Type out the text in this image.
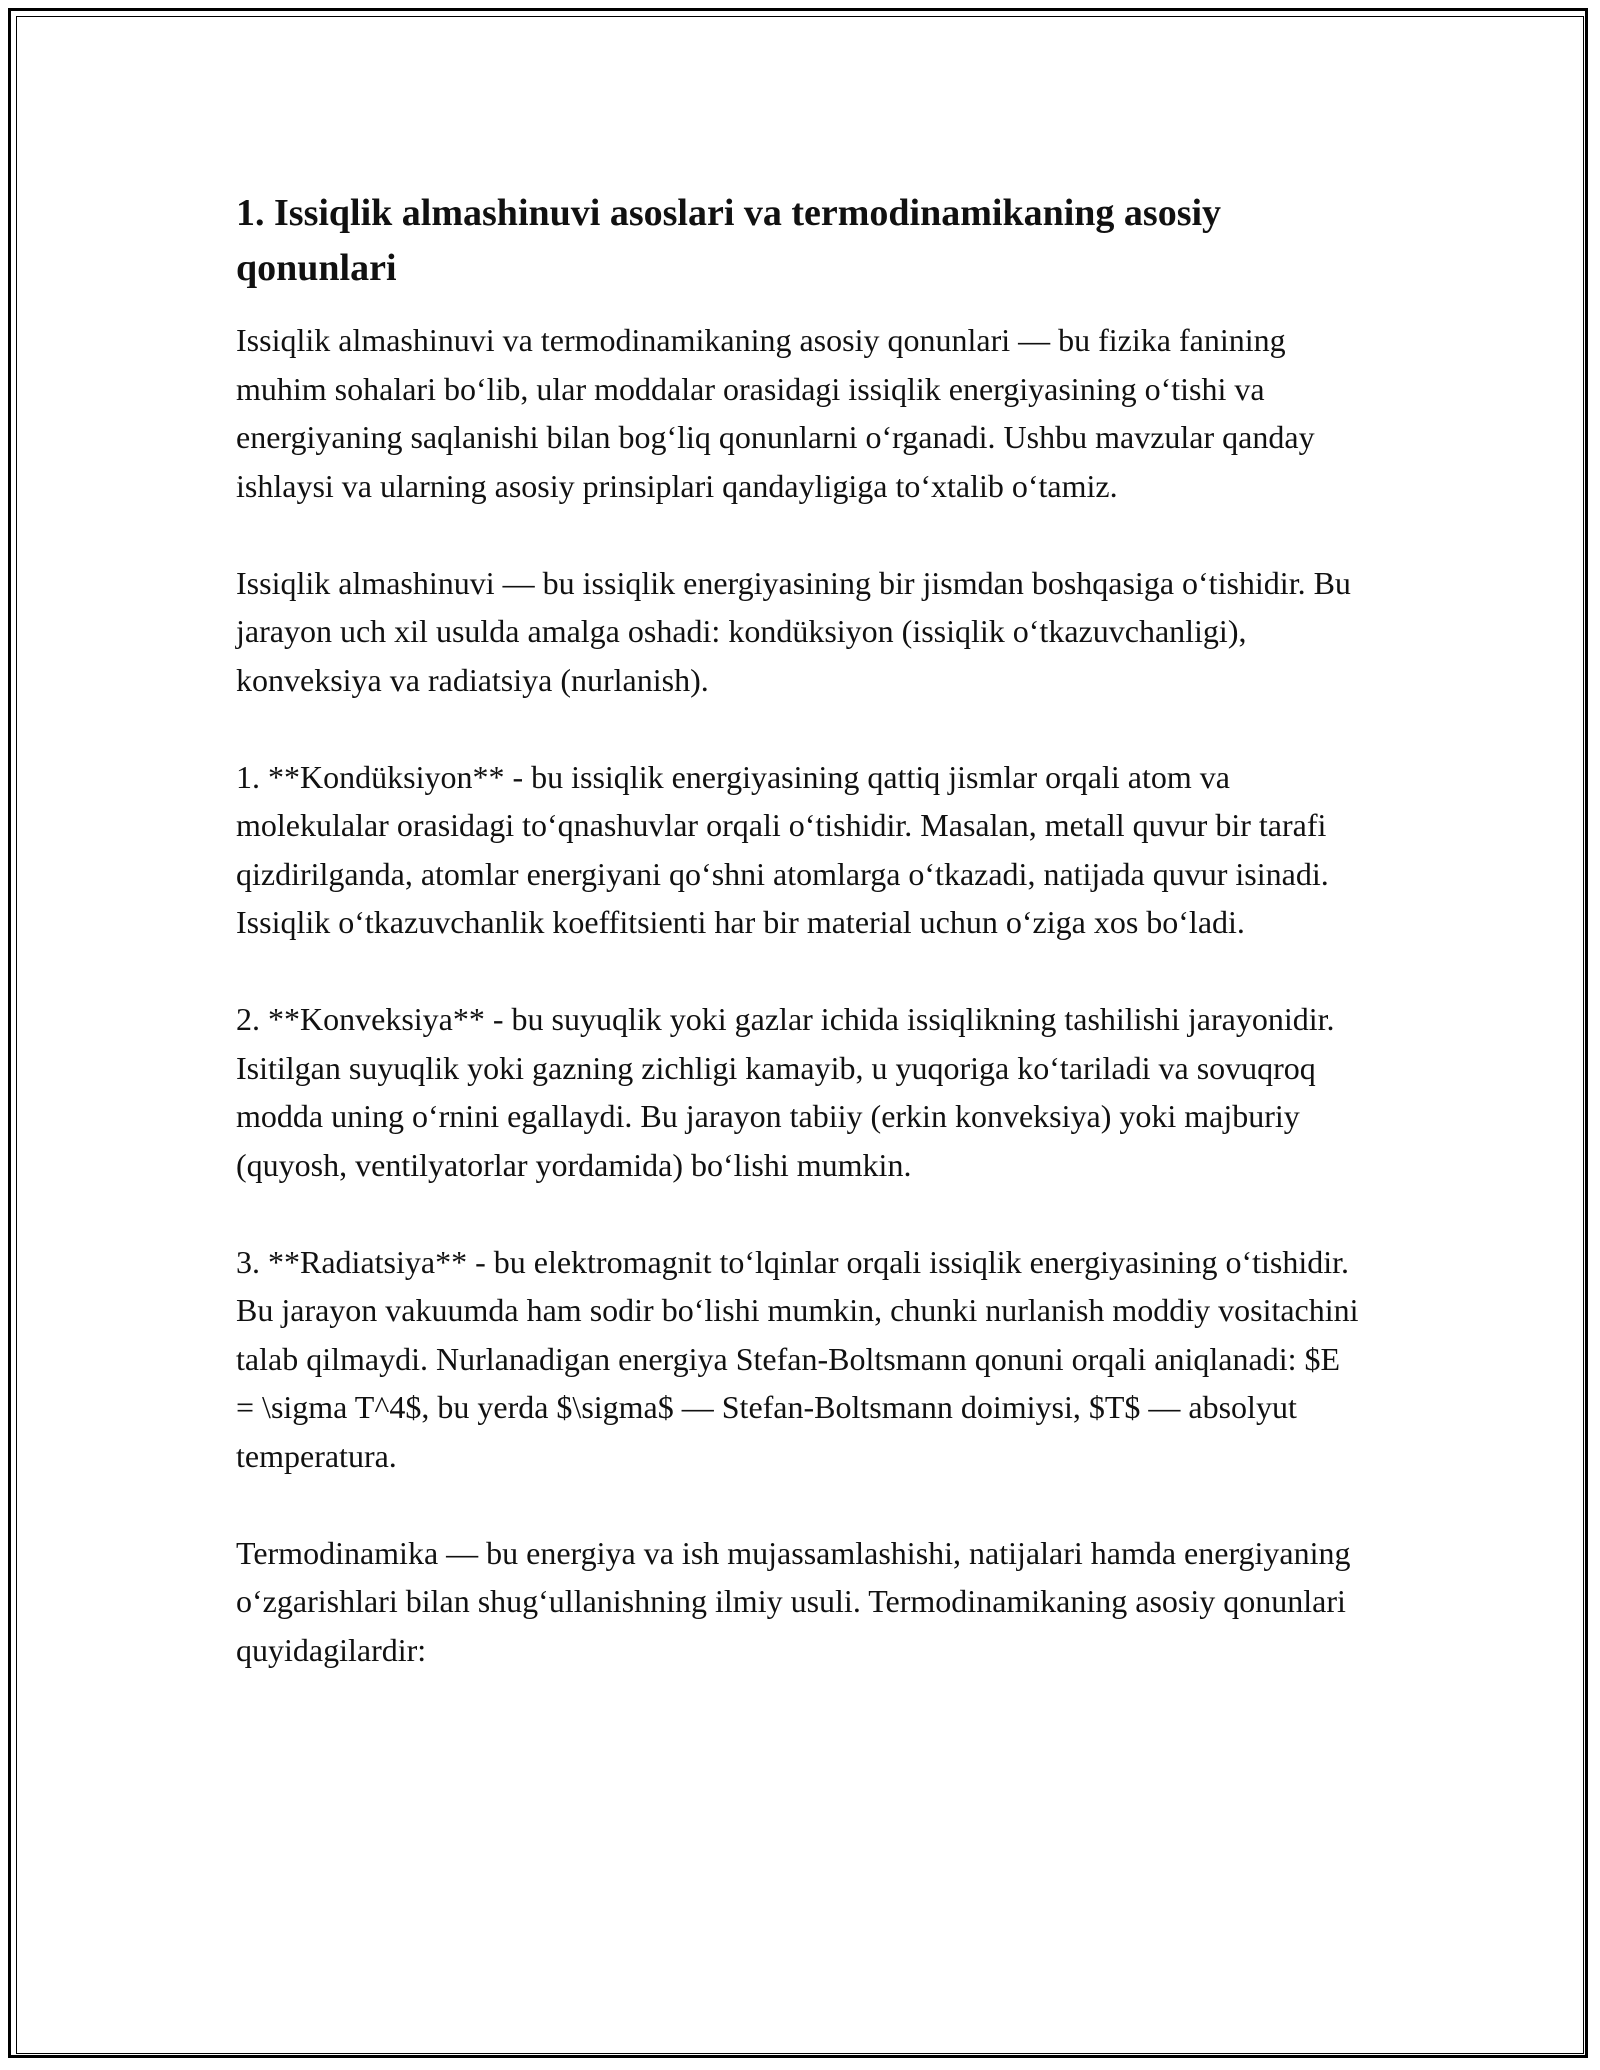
1. Issiqlik almashinuvi asoslari va termodinamikaning asosiy qonunlari

Issiqlik almashinuvi va termodinamikaning asosiy qonunlari — bu fizika fanining muhim sohalari boʻlib, ular moddalar orasidagi issiqlik energiyasining oʻtishi va energiyaning saqlanishi bilan bogʻliq qonunlarni oʻrganadi. Ushbu mavzular qanday ishlaysi va ularning asosiy prinsiplari qandayligiga toʻxtalib oʻtamiz.

Issiqlik almashinuvi — bu issiqlik energiyasining bir jismdan boshqasiga oʻtishidir. Bu jarayon uch xil usulda amalga oshadi: kondüksiyon (issiqlik oʻtkazuvchanligi), konveksiya va radiatsiya (nurlanish).

1. **Kondüksiyon** - bu issiqlik energiyasining qattiq jismlar orqali atom va molekulalar orasidagi toʻqnashuvlar orqali oʻtishidir. Masalan, metall quvur bir tarafi qizdirilganda, atomlar energiyani qoʻshni atomlarga oʻtkazadi, natijada quvur isinadi. Issiqlik oʻtkazuvchanlik koeffitsienti har bir material uchun oʻziga xos boʻladi.

2. **Konveksiya** - bu suyuqlik yoki gazlar ichida issiqlikning tashilishi jarayonidir. Isitilgan suyuqlik yoki gazning zichligi kamayib, u yuqoriga koʻtariladi va sovuqroq modda uning oʻrnini egallaydi. Bu jarayon tabiiy (erkin konveksiya) yoki majburiy (quyosh, ventilyatorlar yordamida) boʻlishi mumkin.

3. **Radiatsiya** - bu elektromagnit toʻlqinlar orqali issiqlik energiyasining oʻtishidir. Bu jarayon vakuumda ham sodir boʻlishi mumkin, chunki nurlanish moddiy vositachini talab qilmaydi. Nurlanadigan energiya Stefan-Boltsmann qonuni orqali aniqlanadi: $E = \sigma T^4$, bu yerda $\sigma$ — Stefan-Boltsmann doimiysi, $T$ — absolyut temperatura.

Termodinamika — bu energiya va ish mujassamlashishi, natijalari hamda energiyaning oʻzgarishlari bilan shugʻullanishning ilmiy usuli. Termodinamikaning asosiy qonunlari quyidagilardir:
